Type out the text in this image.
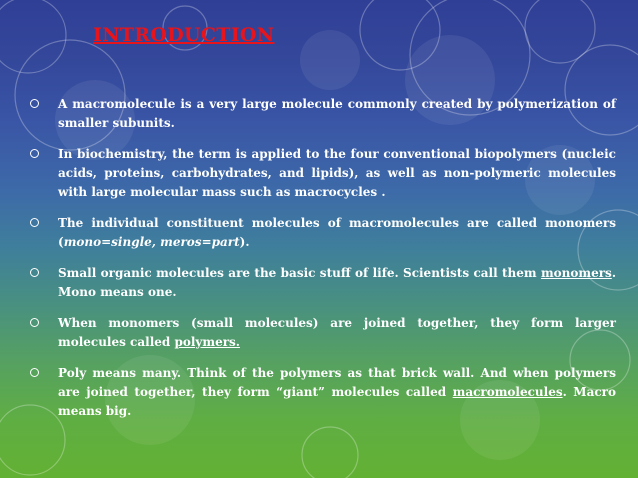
INTRODUCTION
A macromolecule is a very large molecule commonly created by polymerization of smaller subunits.
In biochemistry, the term is applied to the four conventional biopolymers (nucleic acids, proteins, carbohydrates, and lipids), as well as non-polymeric molecules with large molecular mass such as macrocycles .
The individual constituent molecules of macromolecules are called monomers (mono=single, meros=part).
Small organic molecules are the basic stuff of life. Scientists call them monomers. Mono means one.
When monomers (small molecules) are joined together, they form larger molecules called polymers.
Poly means many. Think of the polymers as that brick wall. And when polymers are joined together, they form “giant” molecules called macromolecules. Macro means big.
